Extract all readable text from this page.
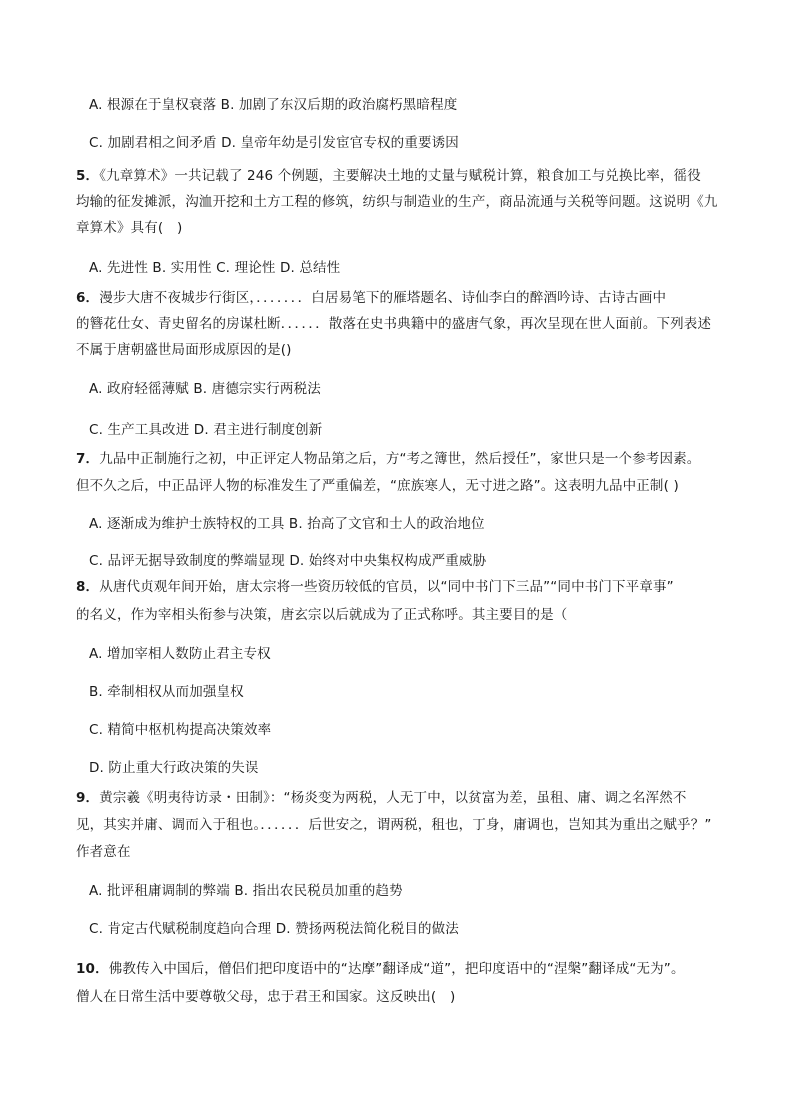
A. 根源在于皇权衰落 B. 加剧了东汉后期的政治腐朽黑暗程度
C. 加剧君相之间矛盾 D. 皇帝年幼是引发宦官专权的重要诱因
5．《九章算术》一共记载了 246 个例题，主要解决土地的丈量与赋税计算，粮食加工与兑换比率，徭役
均输的征发摊派，沟洫开挖和土方工程的修筑，纺织与制造业的生产，商品流通与关税等问题。这说明《九
章算术》具有(　)
A. 先进性 B. 实用性 C. 理论性 D. 总结性
6．漫步大唐不夜城步行街区，．．．．．．．白居易笔下的雁塔题名、诗仙李白的醉酒吟诗、古诗古画中
的簪花仕女、青史留名的房谋杜断．．．．．．散落在史书典籍中的盛唐气象，再次呈现在世人面前。下列表述
不属于唐朝盛世局面形成原因的是()
A. 政府轻徭薄赋 B. 唐德宗实行两税法
C. 生产工具改进 D. 君主进行制度创新
7．九品中正制施行之初，中正评定人物品第之后，方“考之簿世，然后授任”，家世只是一个参考因素。
但不久之后，中正品评人物的标准发生了严重偏差，“庶族寒人，无寸进之路”。这表明九品中正制( )
A. 逐渐成为维护士族特权的工具 B. 抬高了文官和士人的政治地位
C. 品评无据导致制度的弊端显现 D. 始终对中央集权构成严重威胁
8．从唐代贞观年间开始，唐太宗将一些资历较低的官员，以“同中书门下三品”“同中书门下平章事”
的名义，作为宰相头衔参与决策，唐玄宗以后就成为了正式称呼。其主要目的是（
A. 增加宰相人数防止君主专权
B. 牵制相权从而加强皇权
C. 精简中枢机构提高决策效率
D. 防止重大行政决策的失误
9．黄宗羲《明夷待访录・田制》：“杨炎变为两税，人无丁中，以贫富为差，虽租、庸、调之名浑然不
见，其实并庸、调而入于租也。．．．．．．后世安之，谓两税，租也，丁身，庸调也，岂知其为重出之赋乎？”
作者意在
A. 批评租庸调制的弊端 B. 指出农民税员加重的趋势
C. 肯定古代赋税制度趋向合理 D. 赞扬两税法简化税目的做法
10．佛教传入中国后，僧侣们把印度语中的“达摩”翻译成“道”，把印度语中的“涅槃”翻译成“无为”。
僧人在日常生活中要尊敬父母，忠于君王和国家。这反映出(　)
